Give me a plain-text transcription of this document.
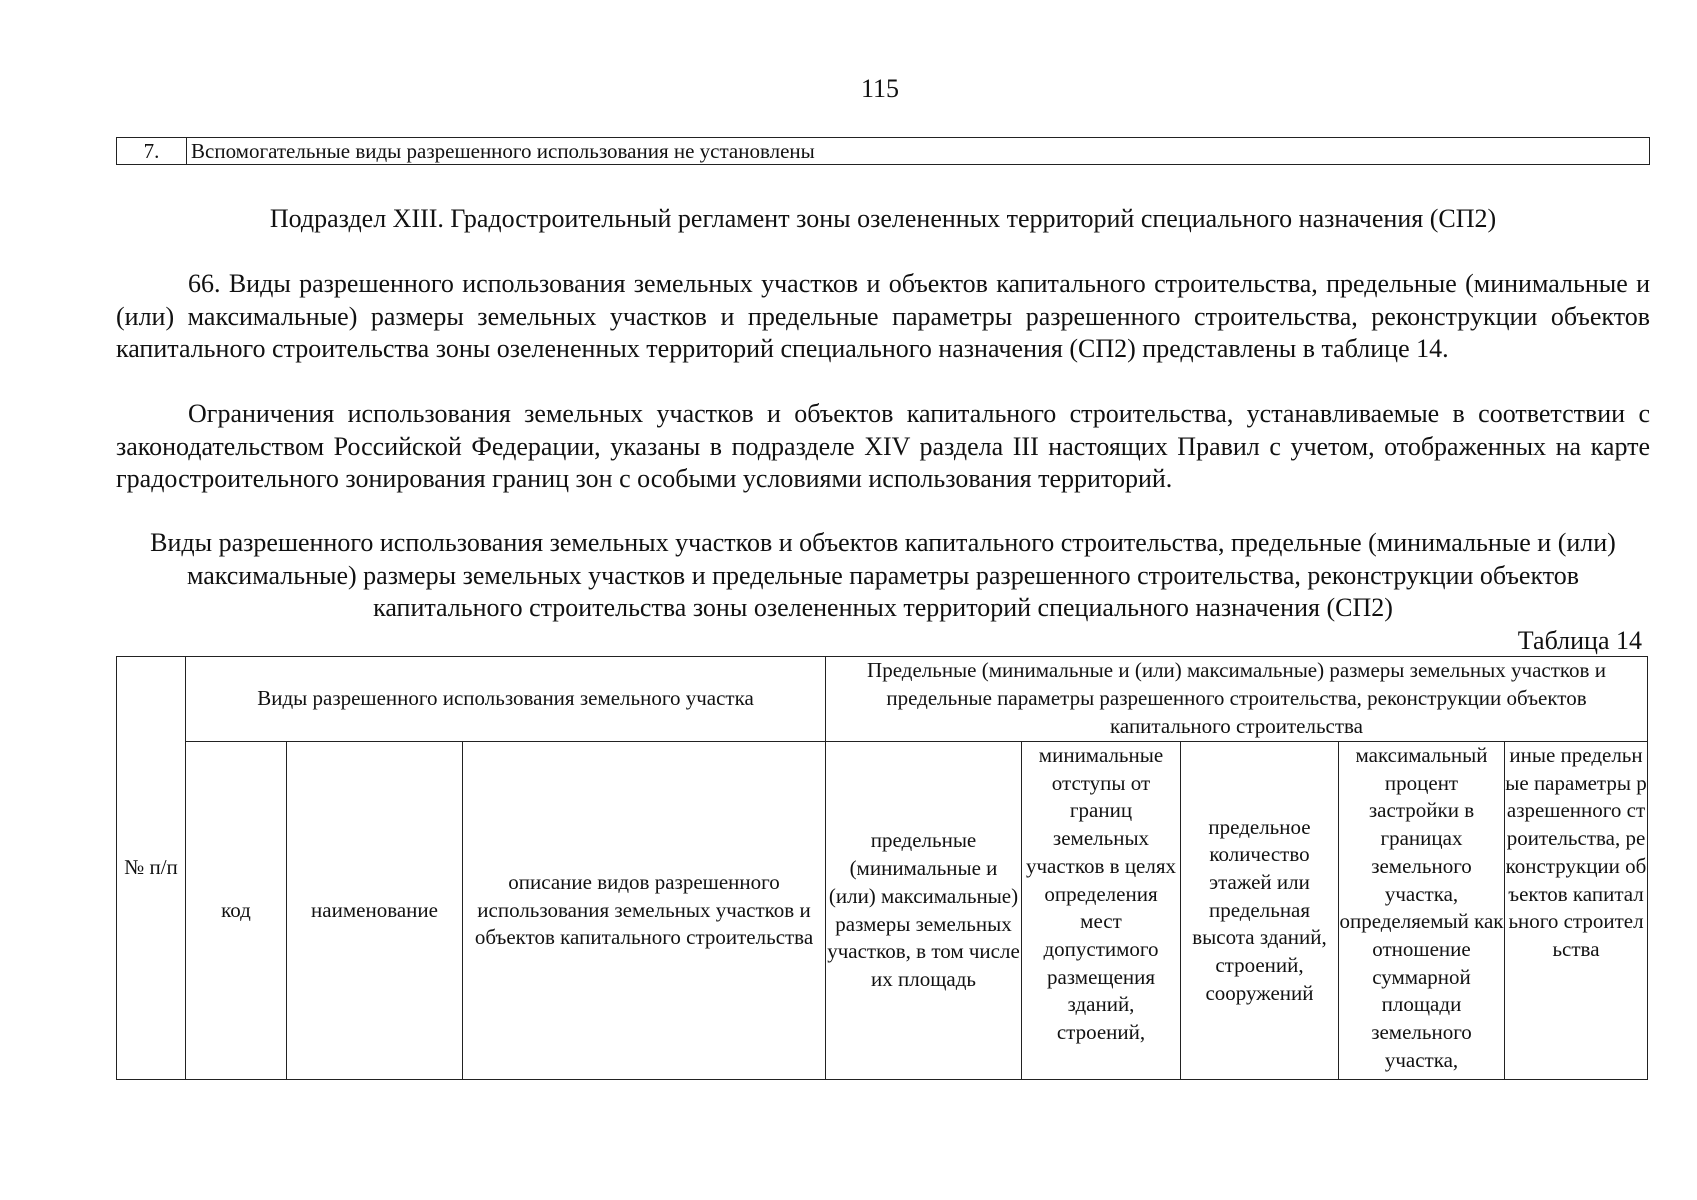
115
7.	Вспомогательные виды разрешенного использования не установлены
Подраздел XIII. Градостроительный регламент зоны озелененных территорий специального назначения (СП2)

66. Виды разрешенного использования земельных участков и объектов капитального строительства, предельные (минимальные и (или) максимальные) размеры земельных участков и предельные параметры разрешенного строительства, реконструкции объектов капитального строительства зоны озелененных территорий специального назначения (СП2) представлены в таблице 14.

Ограничения использования земельных участков и объектов капитального строительства, устанавливаемые в соответствии с законодательством Российской Федерации, указаны в подразделе XIV раздела III настоящих Правил с учетом, отображенных на карте градостроительного зонирования границ зон с особыми условиями использования территорий.

Виды разрешенного использования земельных участков и объектов капитального строительства, предельные (минимальные и (или) максимальные) размеры земельных участков и предельные параметры разрешенного строительства, реконструкции объектов капитального строительства зоны озелененных территорий специального назначения (СП2)

Таблица 14
№ п/п	Виды разрешенного использования земельного участка			Предельные (минимальные и (или) максимальные) размеры земельных участков и предельные параметры разрешенного строительства, реконструкции объектов капитального строительства				

	код	наименование	описание видов разрешенного использования земельных участков и объектов капитального строительства	предельные (минимальные и (или) максимальные) размеры земельных участков, в том числе их площадь	минимальные отступы от границ земельных участков в целях определения мест допустимого размещения зданий, строений,	предельное количество этажей или предельная высота зданий, строений, сооружений	максимальный процент застройки в границах земельного участка, определяемый как отношение суммарной площади земельного участка,	иные предельные параметры разрешенного строительства, реконструкции объектов капитального строительства
